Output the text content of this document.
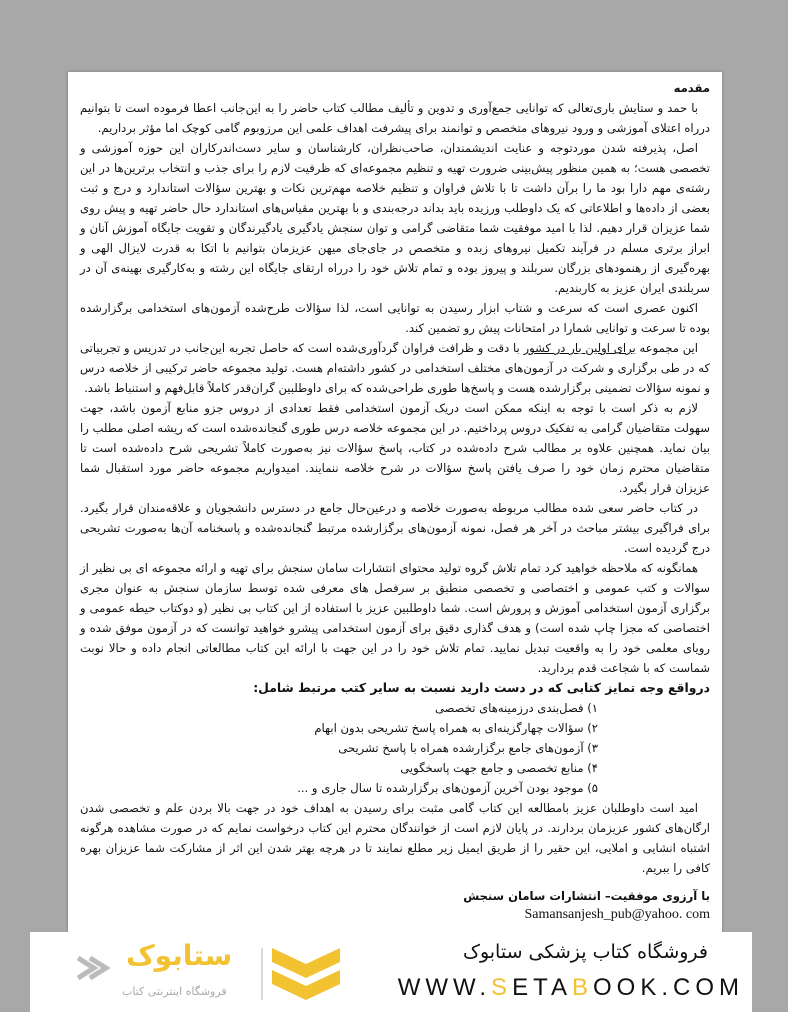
مقدمه

با حمد و ستایش باری‌تعالی که توانایی جمع‌آوری و تدوین و تألیف مطالب کتاب حاضر را به این‌جانب اعطا فرموده است تا بتوانیم درراه اعتلای آموزشی و ورود نیروهای متخصص و توانمند برای پیشرفت اهداف علمی این مرزوبوم گامی کوچک اما مؤثر برداریم.

اصل، پذیرفته شدن موردتوجه و عنایت اندیشمندان، صاحب‌نظران، کارشناسان و سایر دست‌اندرکاران این حوزه آموزشی و تخصصی هست؛ به همین منظور پیش‌بینی ضرورت تهیه و تنظیم مجموعه‌ای که ظرفیت لازم را برای جذب و انتخاب برترین‌ها در این رشته‌ی مهم دارا بود ما را برآن داشت تا با تلاش فراوان و تنظیم خلاصه مهم‌ترین نکات و بهترین سؤالات استاندارد و درج و ثبت بعضی از داده‌ها و اطلاعاتی که یک داوطلب ورزیده باید بداند درجه‌بندی و با بهترین مقیاس‌های استاندارد حال حاضر تهیه و پیش روی شما عزیزان قرار دهیم. لذا با امید موفقیت شما متقاضی گرامی و توان سنجش یادگیری یادگیرندگان و تقویت جایگاه آموزش آنان و ابراز برتری مسلم در فرآیند تکمیل نیروهای زبده و متخصص در جای‌جای میهن عزیزمان بتوانیم با اتکا به قدرت لایزال الهی و بهره‌گیری از رهنمودهای بزرگان سربلند و پیروز بوده و تمام تلاش خود را درراه ارتقای جایگاه این رشته و به‌کارگیری بهینه‌ی آن در سربلندی ایران عزیز به کاربندیم.

اکنون عصری است که سرعت و شتاب ابزار رسیدن به توانایی است، لذا سؤالات طرح‌شده آزمون‌های استخدامی برگزارشده بوده تا سرعت و توانایی شمارا در امتحانات پیش رو تضمین کند.

این مجموعه برای اولین بار در کشور با دقت و ظرافت فراوان گردآوری‌شده است که حاصل تجربه این‌جانب در تدریس و تجربیاتی که در طی برگزاری و شرکت در آزمون‌های مختلف استخدامی در کشور داشته‌ام هست. تولید مجموعه حاضر ترکیبی از خلاصه درس و نمونه سؤالات تضمینی برگزارشده هست و پاسخ‌ها طوری طراحی‌شده که برای داوطلبین گران‌قدر کاملاً قابل‌فهم و استنباط باشد.

لازم به ذکر است با توجه به اینکه ممکن است دریک آزمون استخدامی فقط تعدادی از دروس جزو منابع آزمون باشد، جهت سهولت متقاضیان گرامی به تفکیک دروس پرداختیم. در این مجموعه خلاصه درس طوری گنجانده‌شده است که ریشه اصلی مطلب را بیان نماید. همچنین علاوه بر مطالب شرح داده‌شده در کتاب، پاسخ سؤالات نیز به‌صورت کاملاً تشریحی شرح داده‌شده است تا متقاضیان محترم زمان خود را صرف یافتن پاسخ سؤالات در شرح خلاصه ننمایند. امیدواریم مجموعه حاضر مورد استقبال شما عزیزان قرار بگیرد.

در کتاب حاضر سعی شده مطالب مربوطه به‌صورت خلاصه و درعین‌حال جامع در دسترس دانشجویان و علاقه‌مندان قرار بگیرد. برای فراگیری بیشتر مباحث در آخر هر فصل، نمونه آزمون‌های برگزارشده مرتبط گنجانده‌شده و پاسخنامه آن‌ها به‌صورت تشریحی درج گردیده است.

همانگونه که ملاحظه خواهید کرد تمام تلاش گروه تولید محتوای انتشارات سامان سنجش برای تهیه و ارائه مجموعه ای بی نظیر از سوالات و کتب عمومی و اختصاصی و تخصصی منطبق بر سرفصل های معرفی شده توسط سازمان سنجش به عنوان مجری برگزاری آزمون استخدامی آموزش و پرورش است. شما داوطلبین عزیز با استفاده از این کتاب بی نظیر (و دوکتاب حیطه عمومی و اختصاصی که مجزا چاپ شده است) و هدف گذاری دقیق برای آزمون استخدامی پیشرو خواهید توانست که در آزمون موفق شده و رویای معلمی خود را به واقعیت تبدیل نمایید. تمام تلاش خود را در این جهت با ارائه این کتاب مطالعاتی انجام داده و حالا نوبت شماست که با شجاعت قدم بردارید.

درواقع وجه تمایز کتابی که در دست دارید نسبت به سایر کتب مرتبط شامل:
۱) فصل‌بندی درزمینه‌های تخصصی
۲) سؤالات چهارگزینه‌ای به همراه پاسخ تشریحی بدون ابهام
۳) آزمون‌های جامع برگزارشده همراه با پاسخ تشریحی
۴) منابع تخصصی و جامع جهت پاسخگویی
۵) موجود بودن آخرین آزمون‌های برگزارشده تا سال جاری و ...

امید است داوطلبان عزیز بامطالعه این کتاب گامی مثبت برای رسیدن به اهداف خود در جهت بالا بردن علم و تخصصی شدن ارگان‌های کشور عزیزمان بردارند. در پایان لازم است از خوانندگان محترم این کتاب درخواست نمایم که در صورت مشاهده هرگونه اشتباه انشایی و املایی، این حقیر را از طریق ایمیل زیر مطلع نمایند تا در هرچه بهتر شدن این اثر از مشارکت شما عزیزان بهره کافی را ببریم.

با آرزوی موفقیت– انتشارات سامان سنجش
Samansanjesh_pub@yahoo. com
ستابوک
فروشگاه اینترنتی کتاب
فروشگاه کتاب پزشکی ستابوک
WWW.SETABOOK.COM
